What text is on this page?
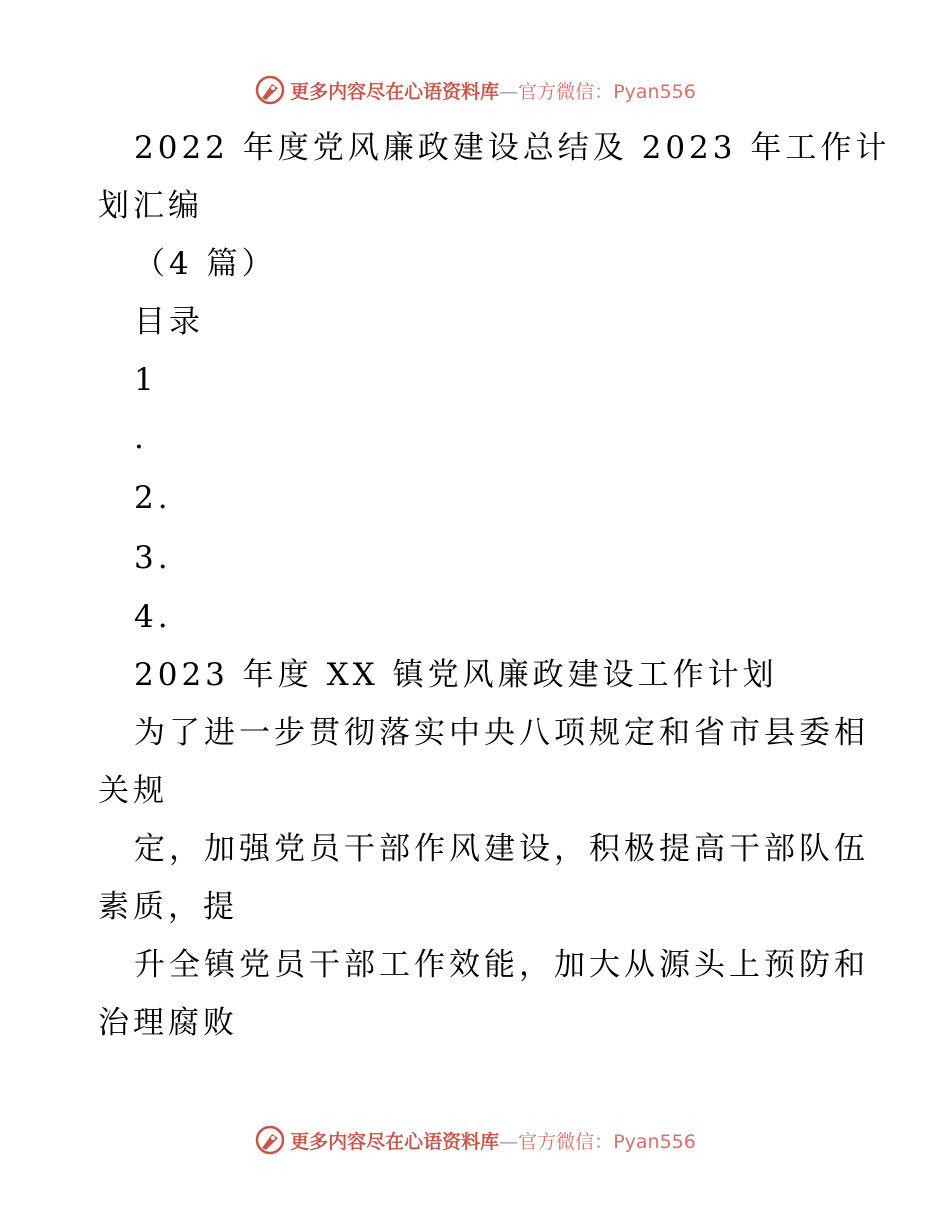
更多内容尽在心语资料库—官方微信：Pyan556
2022 年度党风廉政建设总结及 2023 年工作计
划汇编
（4 篇）
目录
1
.
2.
3.
4.
2023 年度 XX 镇党风廉政建设工作计划
为了进一步贯彻落实中央八项规定和省市县委相
关规
定，加强党员干部作风建设，积极提高干部队伍
素质，提
升全镇党员干部工作效能，加大从源头上预防和
治理腐败
更多内容尽在心语资料库—官方微信：Pyan556
